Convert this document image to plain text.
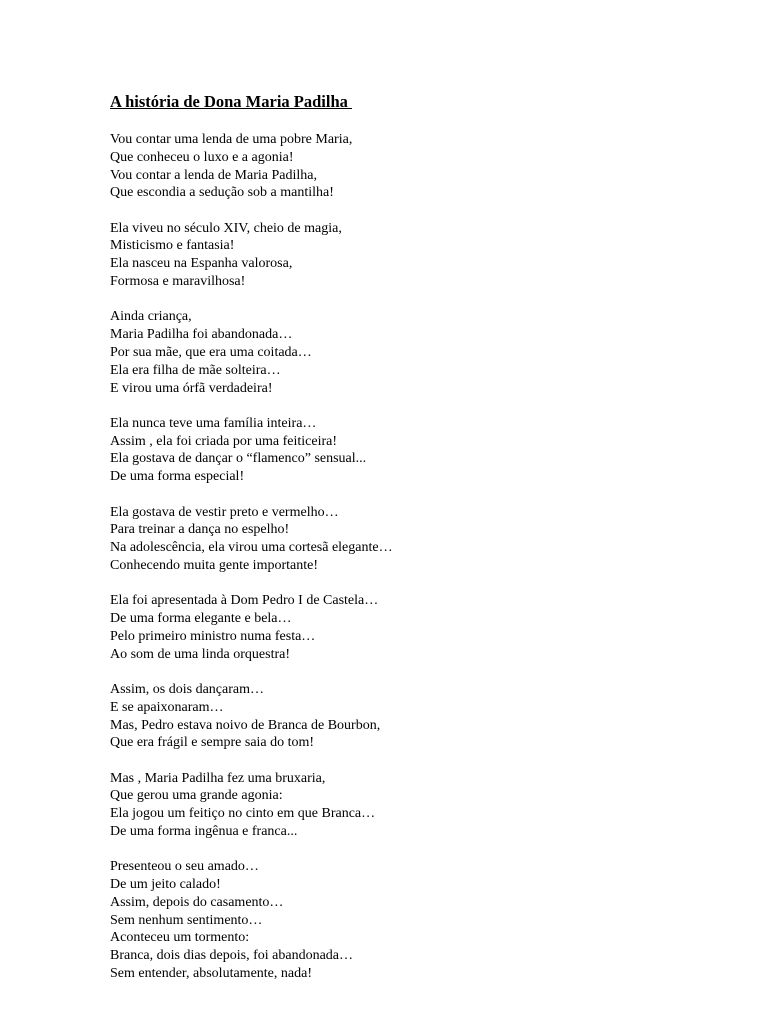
A história de Dona Maria Padilha
Vou contar uma lenda de uma pobre Maria,
Que conheceu o luxo e a agonia!
Vou contar a lenda de Maria Padilha,
Que escondia a sedução sob a mantilha!
Ela viveu no século XIV, cheio de magia,
Misticismo e fantasia!
Ela nasceu na Espanha valorosa,
Formosa e maravilhosa!
Ainda criança,
Maria Padilha foi abandonada…
Por sua mãe, que era uma coitada…
Ela era filha de mãe solteira…
E virou uma órfã verdadeira!
Ela nunca teve uma família inteira…
Assim , ela foi criada por uma feiticeira!
Ela gostava de dançar o “flamenco” sensual...
De uma forma especial!
Ela gostava de vestir preto e vermelho…
Para treinar a dança no espelho!
Na adolescência, ela virou uma cortesã elegante…
Conhecendo muita gente importante!
Ela foi apresentada à Dom Pedro I de Castela…
De uma forma elegante e bela…
Pelo primeiro ministro numa festa…
Ao som de uma linda orquestra!
Assim, os dois dançaram…
E se apaixonaram…
Mas, Pedro estava noivo de Branca de Bourbon,
Que era frágil e sempre saia do tom!
Mas , Maria Padilha fez uma bruxaria,
Que gerou uma grande agonia:
Ela jogou um feitiço no cinto em que Branca…
De uma forma ingênua e franca...
Presenteou o seu amado…
De um jeito calado!
Assim, depois do casamento…
Sem nenhum sentimento…
Aconteceu um tormento:
Branca, dois dias depois, foi abandonada…
Sem entender, absolutamente, nada!
